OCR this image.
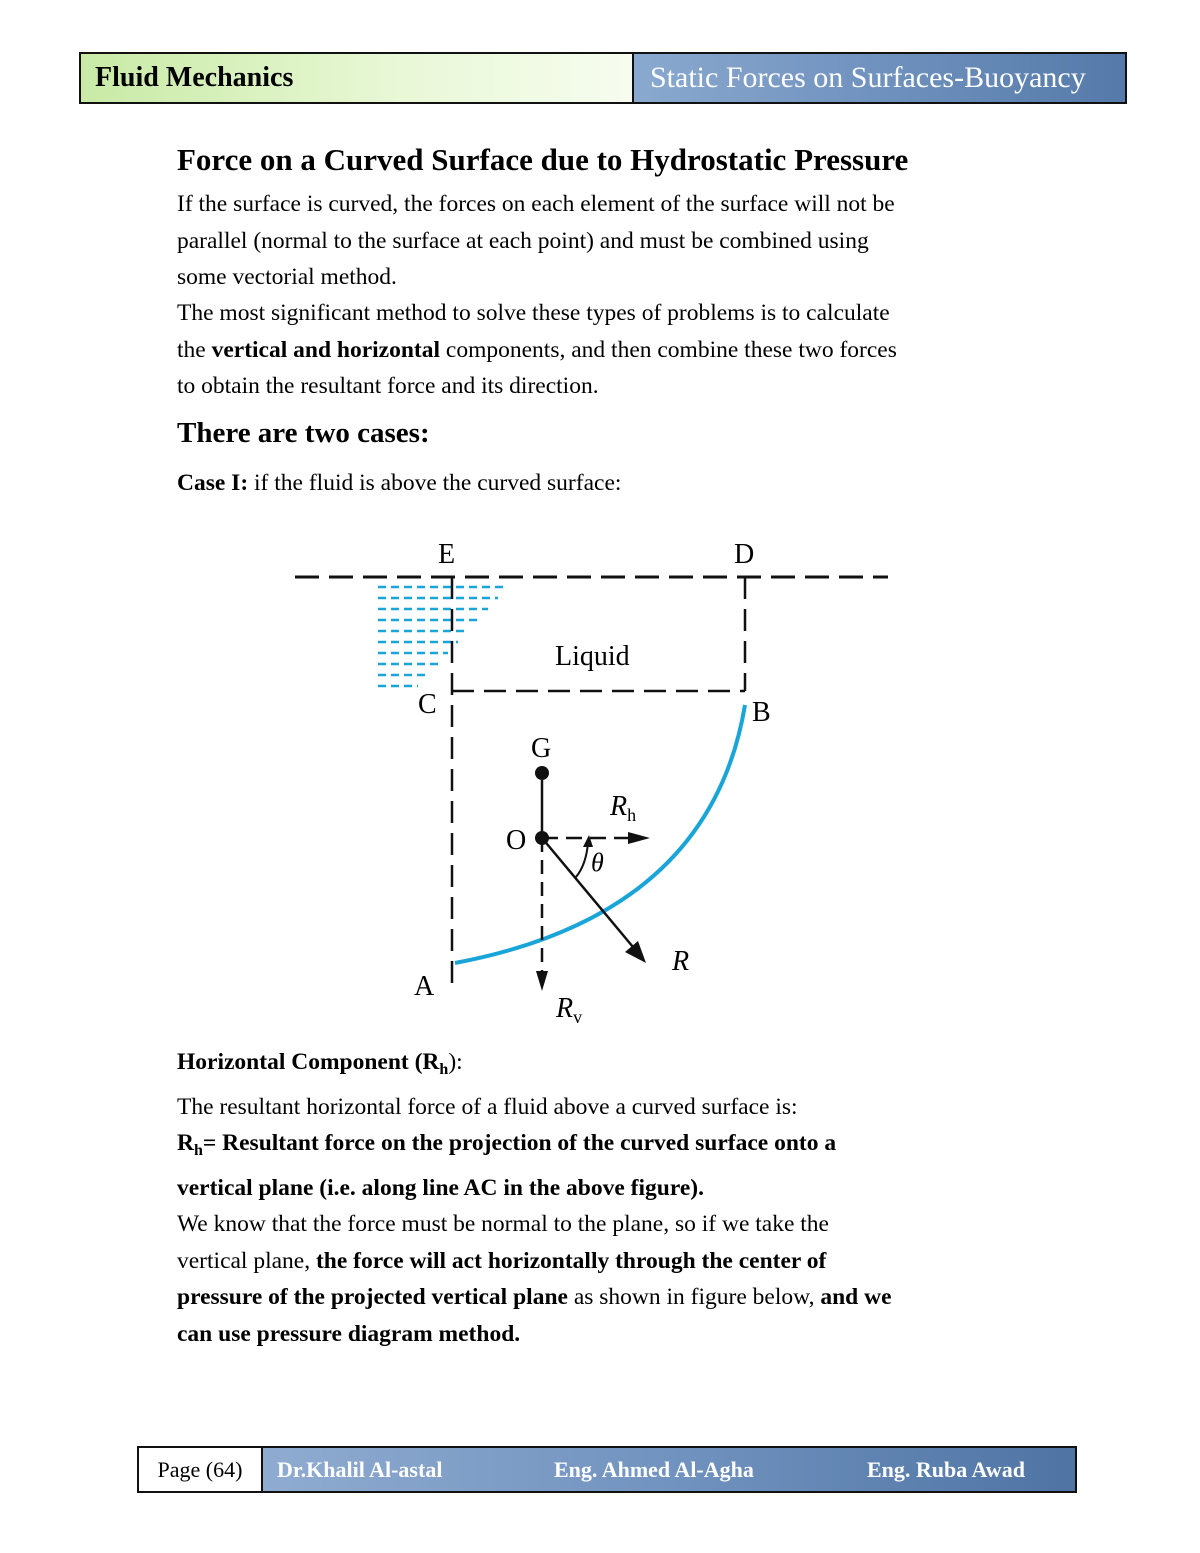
Fluid Mechanics	Static Forces on Surfaces-Buoyancy
Force on a Curved Surface due to Hydrostatic Pressure
If the surface is curved, the forces on each element of the surface will not be
parallel (normal to the surface at each point) and must be combined using
some vectorial method.
The most significant method to solve these types of problems is to calculate
the vertical and horizontal components, and then combine these two forces
to obtain the resultant force and its direction.
There are two cases:
Case I: if the fluid is above the curved surface:
E	D
Liquid
C	B
G
O
θ
$R_h$
R
A
$R_v$
Horizontal Component $(R_h)$:
The resultant horizontal force of a fluid above a curved surface is:
$R_h=$ Resultant force on the projection of the curved surface onto a
vertical plane (i.e. along line AC in the above figure).
We know that the force must be normal to the plane, so if we take the
vertical plane, the force will act horizontally through the center of
pressure of the projected vertical plane as shown in figure below, and we
can use pressure diagram method.
Page (64)	Dr.Khalil Al-astal	Eng. Ahmed Al-Agha	Eng. Ruba Awad
